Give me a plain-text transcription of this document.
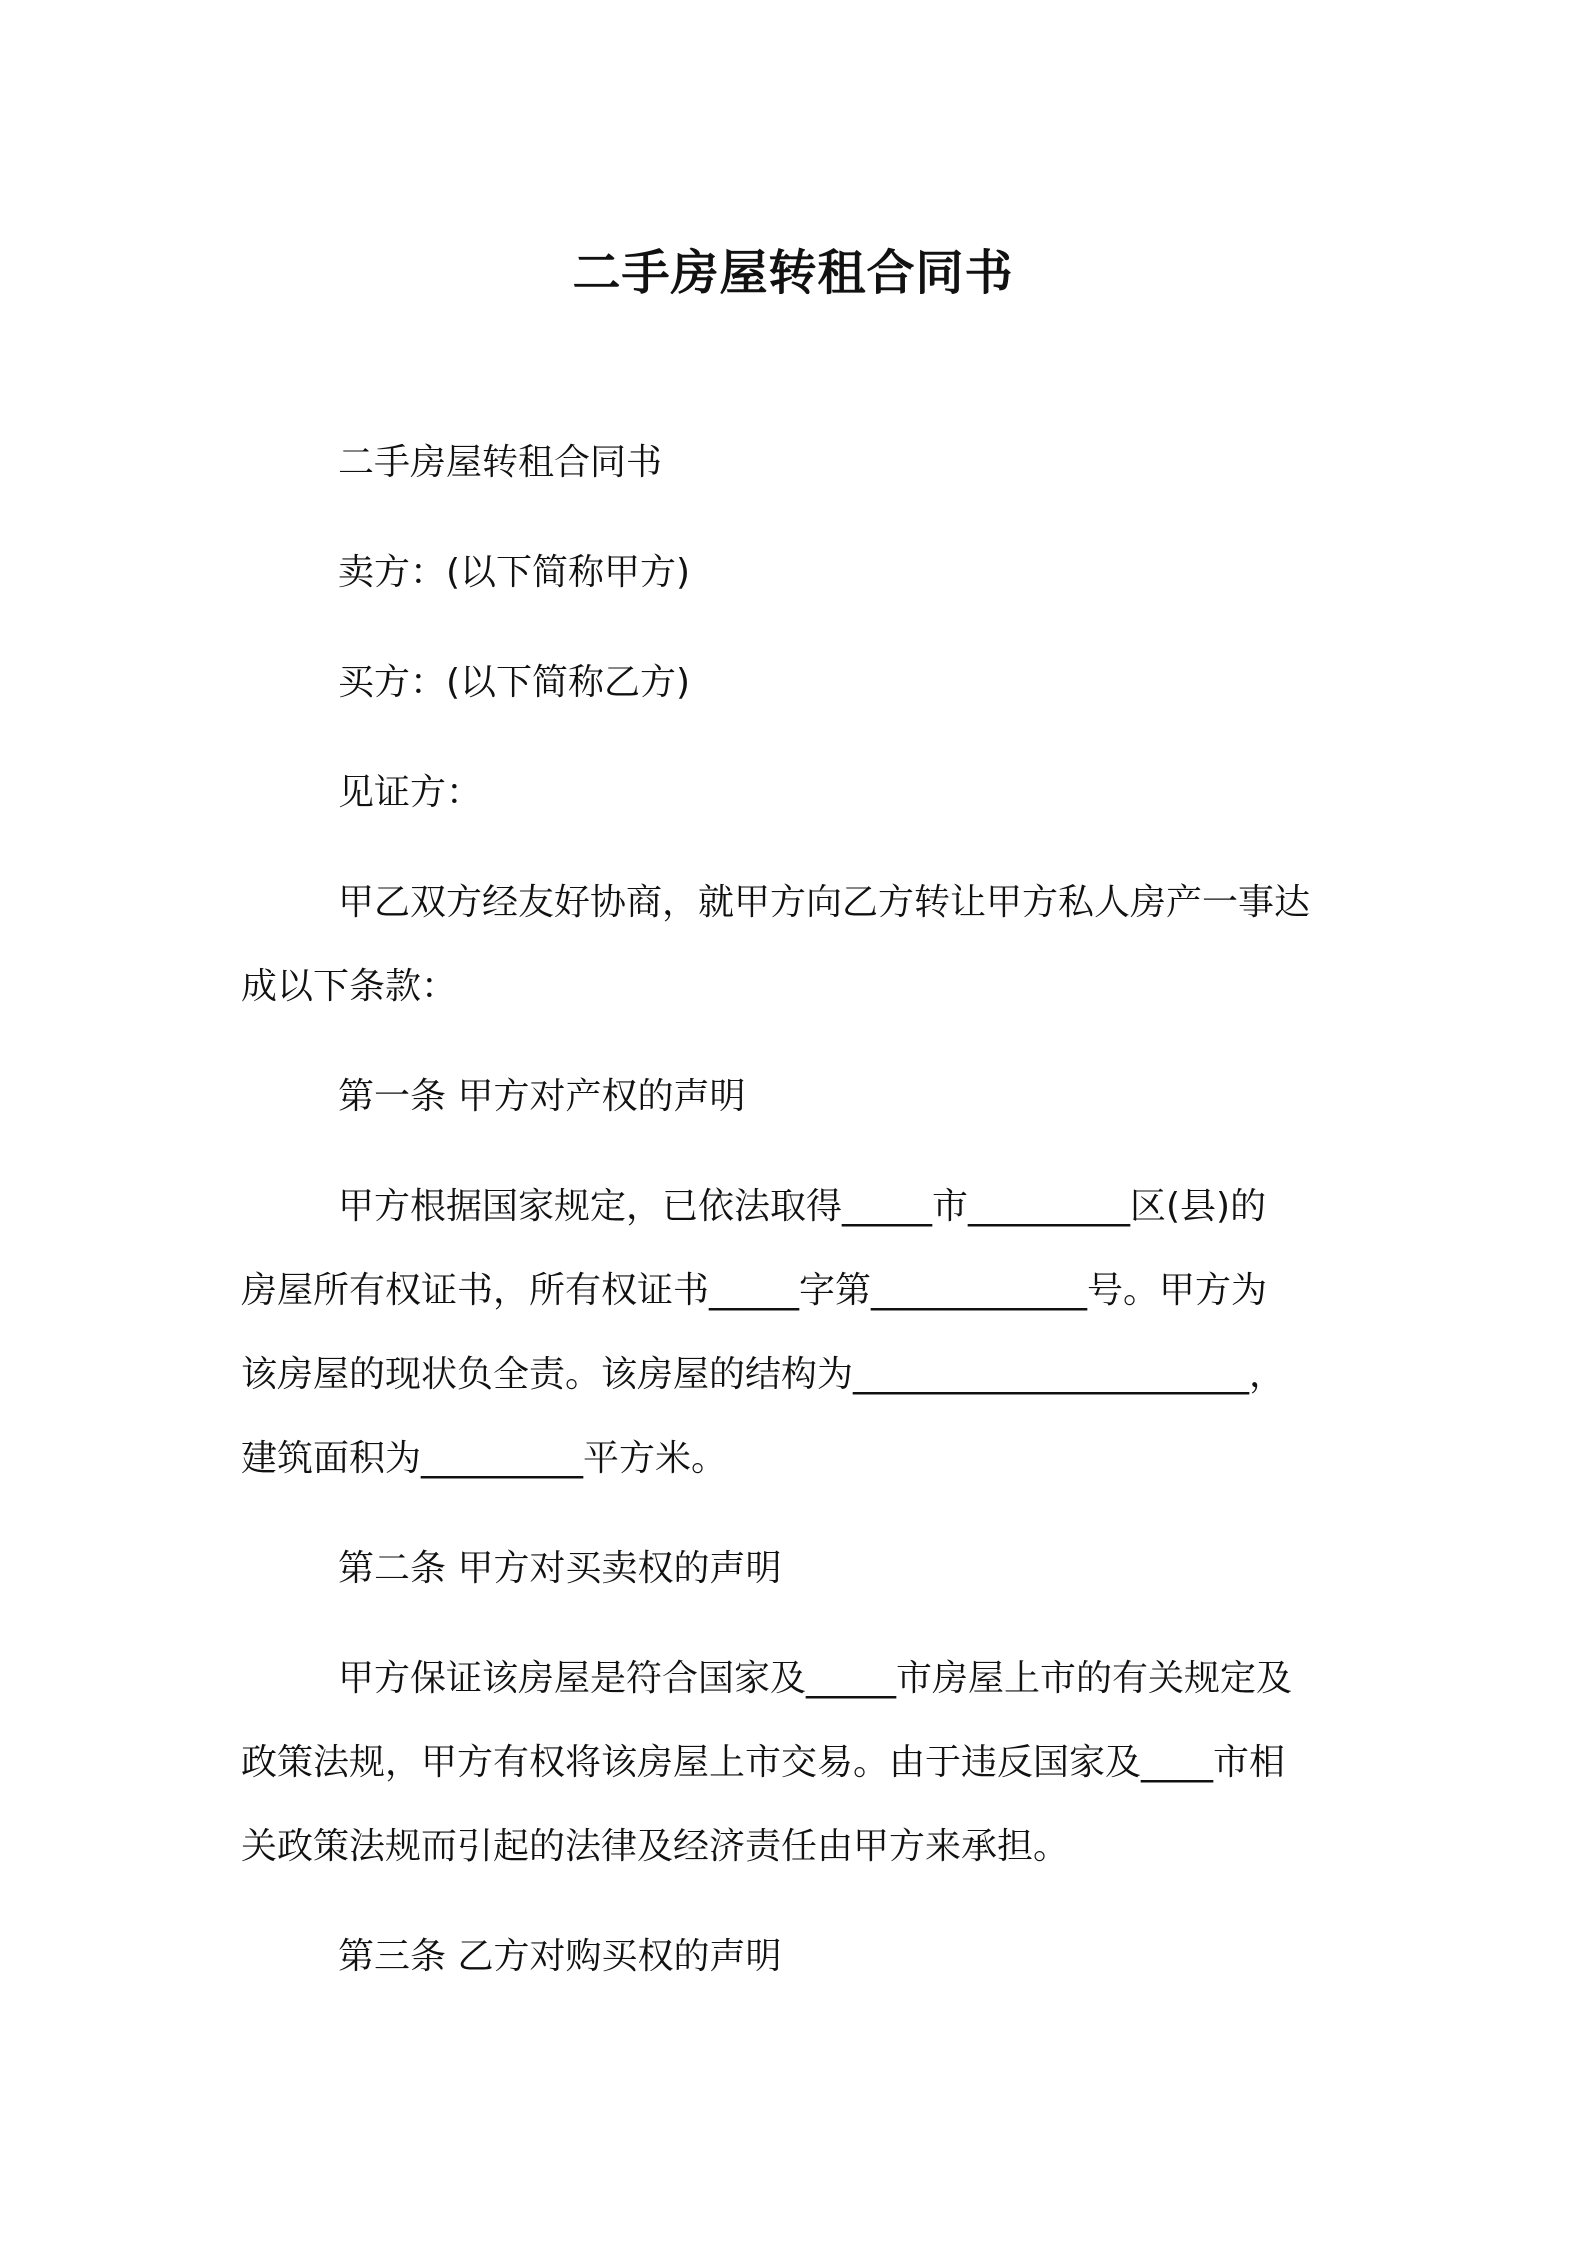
二手房屋转租合同书
二手房屋转租合同书
卖方：(以下简称甲方)
买方：(以下简称乙方)
见证方：
甲乙双方经友好协商，就甲方向乙方转让甲方私人房产一事达
成以下条款：
第一条 甲方对产权的声明
甲方根据国家规定，已依法取得_____市_________区(县)的
房屋所有权证书，所有权证书_____字第____________号。甲方为
该房屋的现状负全责。该房屋的结构为______________________，
建筑面积为_________平方米。
第二条 甲方对买卖权的声明
甲方保证该房屋是符合国家及_____市房屋上市的有关规定及
政策法规，甲方有权将该房屋上市交易。由于违反国家及____市相
关政策法规而引起的法律及经济责任由甲方来承担。
第三条 乙方对购买权的声明
